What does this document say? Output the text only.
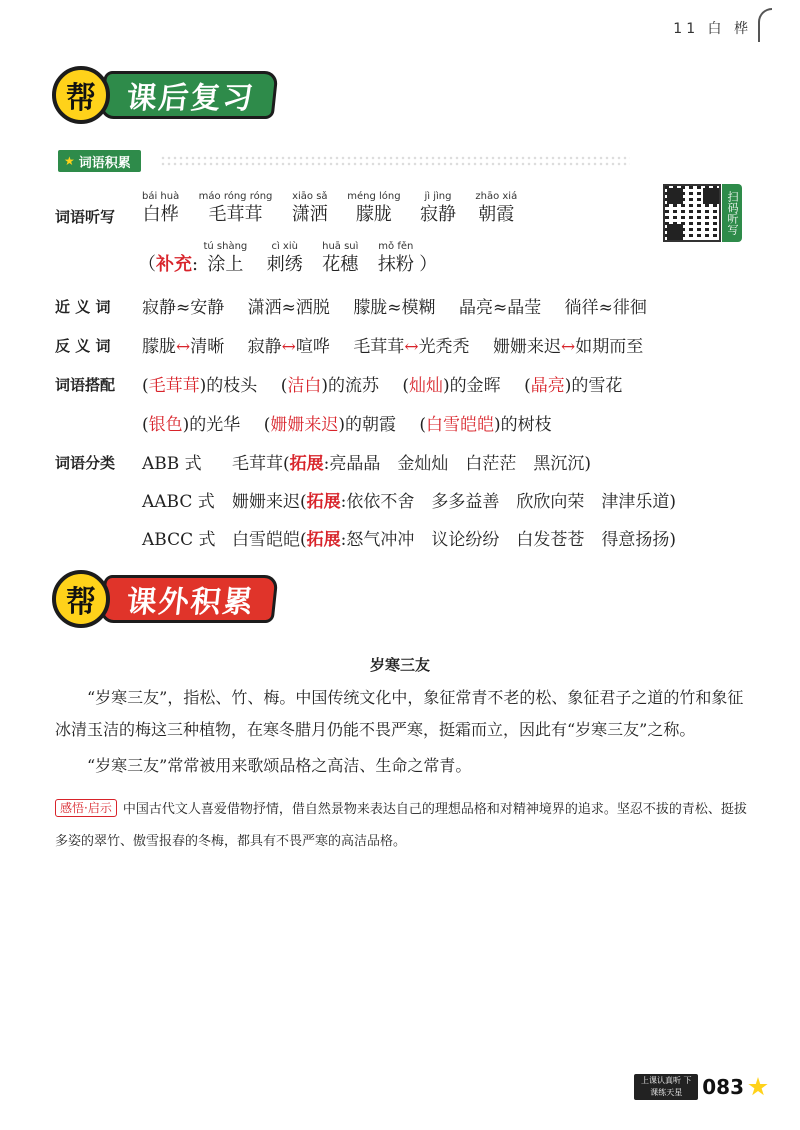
11 白 桦
帮 课后复习
★ 词语积累
扫码听写
词语听写
bái huà
白桦

máo róng róng
毛茸茸

xiāo sǎ
潇洒

méng lóng
朦胧

jì jìng
寂静

zhāo xiá
朝霞
（补充:

tú shàng
涂上

cì xiù
刺绣

huā suì
花穗

mǒ fěn
抹粉
）
近 义 词 寂静≈安静 潇洒≈洒脱 朦胧≈模糊 晶亮≈晶莹 徜徉≈徘徊
反 义 词 朦胧↔清晰 寂静↔喧哗 毛茸茸↔光秃秃 姗姗来迟↔如期而至
词语搭配 (毛茸茸)的枝头 (洁白)的流苏 (灿灿)的金晖 (晶亮)的雪花
(银色)的光华 (姗姗来迟)的朝霞 (白雪皑皑)的树枝
词语分类 ABB 式 毛茸茸(拓展:亮晶晶　金灿灿　白茫茫　黑沉沉)
AABC 式 姗姗来迟(拓展:依依不舍　多多益善　欣欣向荣　津津乐道)
ABCC 式 白雪皑皑(拓展:怒气冲冲　议论纷纷　白发苍苍　得意扬扬)
帮 课外积累
岁寒三友
“岁寒三友”，指松、竹、梅。中国传统文化中，象征常青不老的松、象征君子之道的竹和象征冰清玉洁的梅这三种植物，在寒冬腊月仍能不畏严寒，挺霜而立，因此有“岁寒三友”之称。
“岁寒三友”常常被用来歌颂品格之高洁、生命之常青。
感悟·启示 中国古代文人喜爱借物抒情，借自然景物来表达自己的理想品格和对精神境界的追求。坚忍不拔的青松、挺拔多姿的翠竹、傲雪报春的冬梅，都具有不畏严寒的高洁品格。
上课认真听 下课练天星	083
